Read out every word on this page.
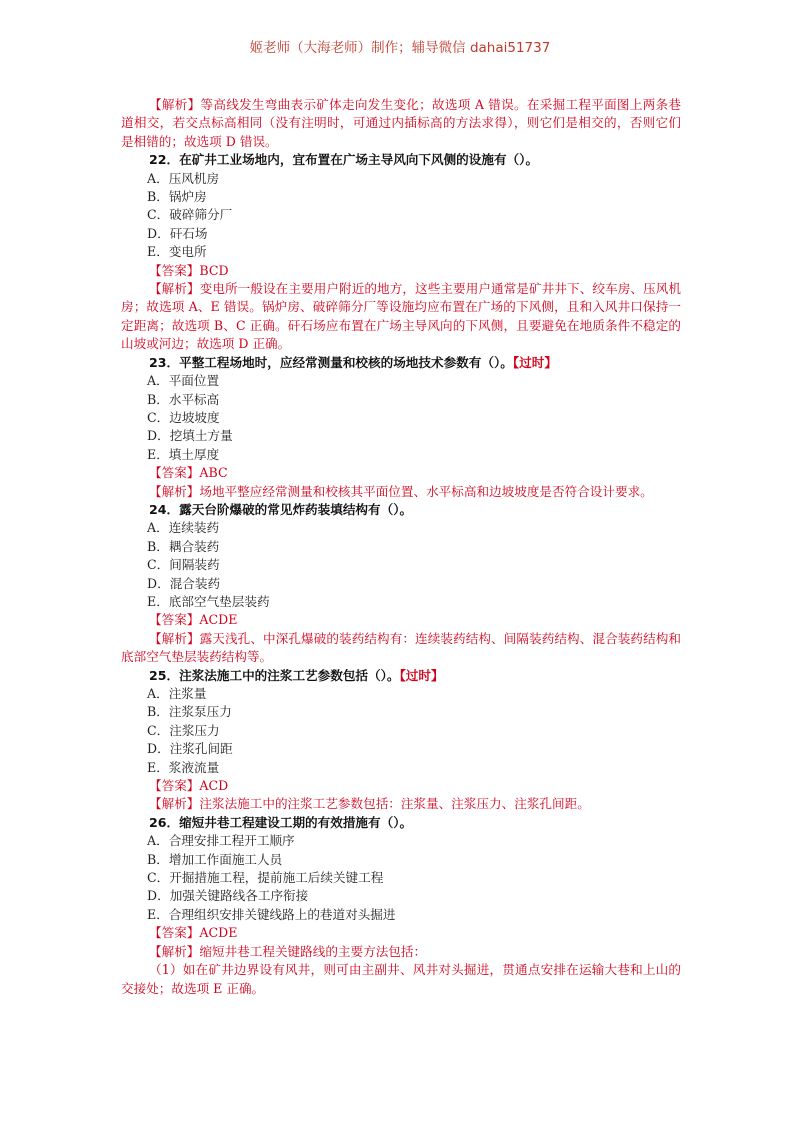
姬老师（大海老师）制作；辅导微信 dahai51737
【解析】等高线发生弯曲表示矿体走向发生变化；故选项 A 错误。在采掘工程平面图上两条巷道相交，若交点标高相同（没有注明时，可通过内插标高的方法求得），则它们是相交的，否则它们是相错的；故选项 D 错误。
22．在矿井工业场地内，宜布置在广场主导风向下风侧的设施有（）。
A．压风机房
B．锅炉房
C．破碎筛分厂
D．矸石场
E．变电所
【答案】BCD
【解析】变电所一般设在主要用户附近的地方，这些主要用户通常是矿井井下、绞车房、压风机房；故选项 A、E 错误。锅炉房、破碎筛分厂等设施均应布置在广场的下风侧，且和入风井口保持一定距离；故选项 B、C 正确。矸石场应布置在广场主导风向的下风侧，且要避免在地质条件不稳定的山坡或河边；故选项 D 正确。
23．平整工程场地时，应经常测量和校核的场地技术参数有（）。【过时】
A．平面位置
B．水平标高
C．边坡坡度
D．挖填土方量
E．填土厚度
【答案】ABC
【解析】场地平整应经常测量和校核其平面位置、水平标高和边坡坡度是否符合设计要求。
24．露天台阶爆破的常见炸药装填结构有（）。
A．连续装药
B．耦合装药
C．间隔装药
D．混合装药
E．底部空气垫层装药
【答案】ACDE
【解析】露天浅孔、中深孔爆破的装药结构有：连续装药结构、间隔装药结构、混合装药结构和底部空气垫层装药结构等。
25．注浆法施工中的注浆工艺参数包括（）。【过时】
A．注浆量
B．注浆泵压力
C．注浆压力
D．注浆孔间距
E．浆液流量
【答案】ACD
【解析】注浆法施工中的注浆工艺参数包括：注浆量、注浆压力、注浆孔间距。
26．缩短井巷工程建设工期的有效措施有（）。
A．合理安排工程开工顺序
B．增加工作面施工人员
C．开掘措施工程，提前施工后续关键工程
D．加强关键路线各工序衔接
E．合理组织安排关键线路上的巷道对头掘进
【答案】ACDE
【解析】缩短井巷工程关键路线的主要方法包括：
（1）如在矿井边界设有风井，则可由主副井、风井对头掘进，贯通点安排在运输大巷和上山的交接处；故选项 E 正确。
